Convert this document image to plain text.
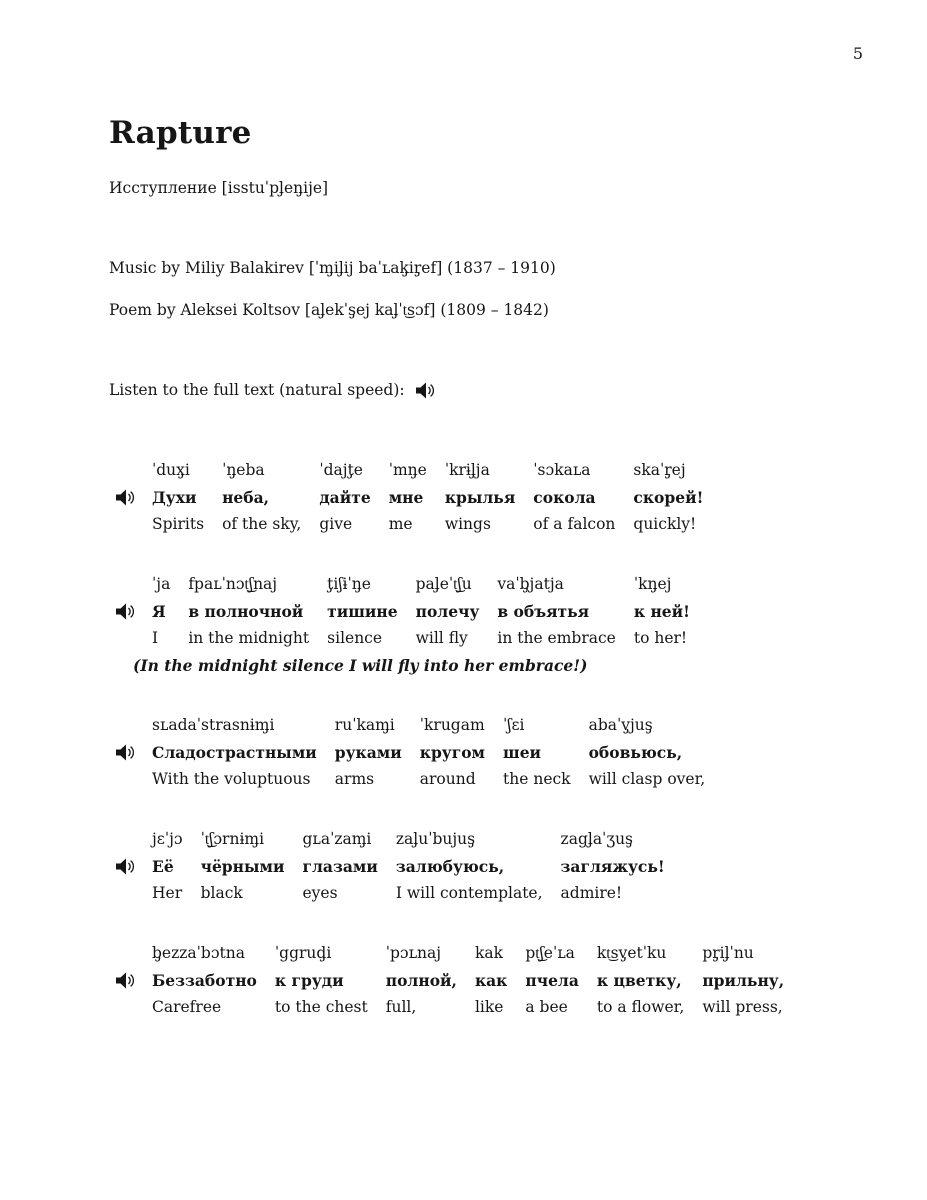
5
Rapture
Исступление [isstuˈpl̡en̡ije]
Music by Miliy Balakirev [ˈm̡il̡ij baˈʟak̡ir̡ef] (1837 – 1910)
Poem by Aleksei Koltsov [al̡ekˈs̡ej kal̡ˈt͜sɔf] (1809 – 1842)
Listen to the full text (natural speed):
ˈdux̡i	ˈn̡eba	ˈdajt̡e	ˈmn̡e	ˈkrɨl̡ja	ˈsɔkaʟa	skaˈr̡ej
Духи	неба,	дайте	мне	крылья	сокола	скорей!
Spirits	of the sky,	give	me	wings	of a falcon	quickly!
ˈja	fpaʟˈnɔt͜ʃnaj	t̡iʃɨˈn̡e	pal̡eˈt͜ʃu	vaˈb̡jatja	ˈkn̡ej
Я	в полночной	тишине	полечу	в объятья	к ней!
I	in the midnight	silence	will fly	in the embrace	to her!
(In the midnight silence I will fly into her embrace!)
sʟadaˈstrasnɨm̡i	ruˈkam̡i	ˈkrugam	ˈʃɛi	abaˈv̡jus̡
Сладострастными	руками	кругом	шеи	обовьюсь,
With the voluptuous	arms	around	the neck	will clasp over,
jɛˈjɔ	ˈt͜ʃɔrnɨm̡i	gʟaˈzam̡i	zal̡uˈbujus̡	zagl̡aˈʒus̡
Её	чёрными	глазами	залюбуюсь,	загляжусь!
Her	black	eyes	I will contemplate,	admire!
b̡ezzaˈbɔtna	ˈggrud̡i	ˈpɔʟnaj	kak	pt͜ʃeˈʟa	kt͜sv̡etˈku	pr̡il̡ˈnu
Беззаботно	к груди	полной,	как	пчела	к цветку,	прильну,
Carefree	to the chest	full,	like	a bee	to a flower,	will press,
